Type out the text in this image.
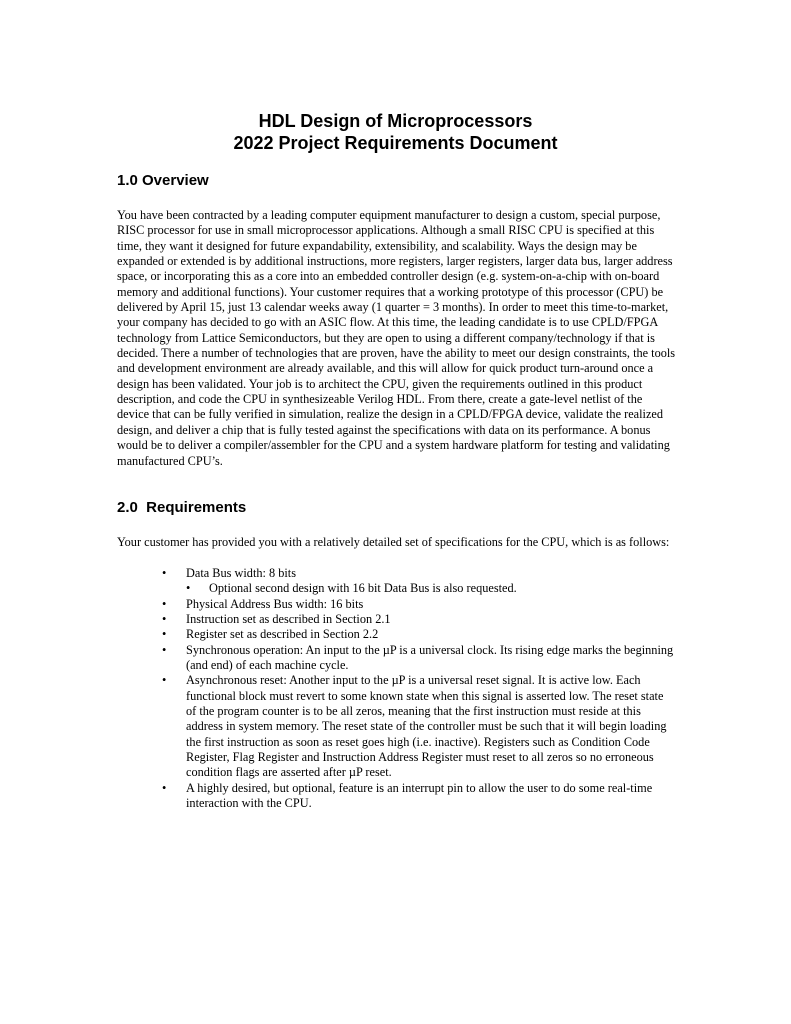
HDL Design of Microprocessors
2022 Project Requirements Document
1.0 Overview

You have been contracted by a leading computer equipment manufacturer to design a custom, special purpose, RISC processor for use in small microprocessor applications. Although a small RISC CPU is specified at this time, they want it designed for future expandability, extensibility, and scalability. Ways the design may be expanded or extended is by additional instructions, more registers, larger registers, larger data bus, larger address space, or incorporating this as a core into an embedded controller design (e.g. system-on-a-chip with on-board memory and additional functions). Your customer requires that a working prototype of this processor (CPU) be delivered by April 15, just 13 calendar weeks away (1 quarter = 3 months). In order to meet this time-to-market, your company has decided to go with an ASIC flow. At this time, the leading candidate is to use CPLD/FPGA technology from Lattice Semiconductors, but they are open to using a different company/technology if that is decided. There a number of technologies that are proven, have the ability to meet our design constraints, the tools and development environment are already available, and this will allow for quick product turn-around once a design has been validated. Your job is to architect the CPU, given the requirements outlined in this product description, and code the CPU in synthesizeable Verilog HDL. From there, create a gate-level netlist of the device that can be fully verified in simulation, realize the design in a CPLD/FPGA device, validate the realized design, and deliver a chip that is fully tested against the specifications with data on its performance. A bonus would be to deliver a compiler/assembler for the CPU and a system hardware platform for testing and validating manufactured CPU’s.

2.0  Requirements

Your customer has provided you with a relatively detailed set of specifications for the CPU, which is as follows:

• Data Bus width: 8 bits
• Optional second design with 16 bit Data Bus is also requested.
• Physical Address Bus width: 16 bits
• Instruction set as described in Section 2.1
• Register set as described in Section 2.2
• Synchronous operation: An input to the µP is a universal clock. Its rising edge marks the beginning (and end) of each machine cycle.
• Asynchronous reset: Another input to the µP is a universal reset signal. It is active low. Each functional block must revert to some known state when this signal is asserted low. The reset state of the program counter is to be all zeros, meaning that the first instruction must reside at this address in system memory. The reset state of the controller must be such that it will begin loading the first instruction as soon as reset goes high (i.e. inactive). Registers such as Condition Code Register, Flag Register and Instruction Address Register must reset to all zeros so no erroneous condition flags are asserted after µP reset.
• A highly desired, but optional, feature is an interrupt pin to allow the user to do some real-time interaction with the CPU.
